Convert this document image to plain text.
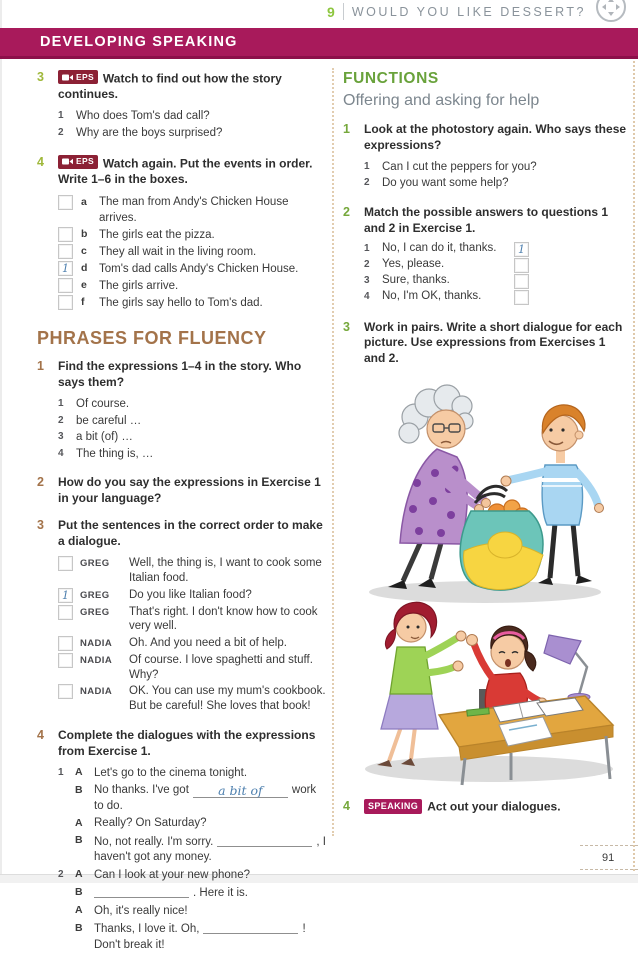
9 WOULD YOU LIKE DESSERT?
DEVELOPING SPEAKING
3	EPS Watch to find out how the story continues.
1 Who does Tom's dad call?
2 Why are the boys surprised?
4	EPS Watch again. Put the events in order. Write 1–6 in the boxes.
a	The man from Andy's Chicken House arrives.
b	The girls eat the pizza.
c	They all wait in the living room.
1	d	Tom's dad calls Andy's Chicken House.
e	The girls arrive.
f	The girls say hello to Tom's dad.
PHRASES FOR FLUENCY
1	Find the expressions 1–4 in the story. Who says them?
1 Of course.
2 be careful …
3 a bit (of) …
4 The thing is, …
2	How do you say the expressions in Exercise 1 in your language?
3	Put the sentences in the correct order to make a dialogue.
GREG	Well, the thing is, I want to cook some Italian food.
1	GREG	Do you like Italian food?
GREG	That's right. I don't know how to cook very well.
NADIA	Oh. And you need a bit of help.
NADIA	Of course. I love spaghetti and stuff. Why?
NADIA	OK. You can use my mum's cookbook. But be careful! She loves that book!
4	Complete the dialogues with the expressions from Exercise 1.
1	A Let's go to the cinema tonight.
B No thanks. I've got a bit of	work to do.
A Really? On Saturday?
B No, not really. I'm sorry.	, I haven't got any money.
2	A Can I look at your new phone?
B	. Here it is.
A Oh, it's really nice!
B Thanks, I love it. Oh,	! Don't break it!
FUNCTIONS
Offering and asking for help
1	Look at the photostory again. Who says these expressions?
1 Can I cut the peppers for you?
2 Do you want some help?
2	Match the possible answers to questions 1 and 2 in Exercise 1.
1 No, I can do it, thanks.	1
2 Yes, please.
3 Sure, thanks.
4 No, I'm OK, thanks.
3	Work in pairs. Write a short dialogue for each picture. Use expressions from Exercises 1 and 2.
4	SPEAKING Act out your dialogues.
91
